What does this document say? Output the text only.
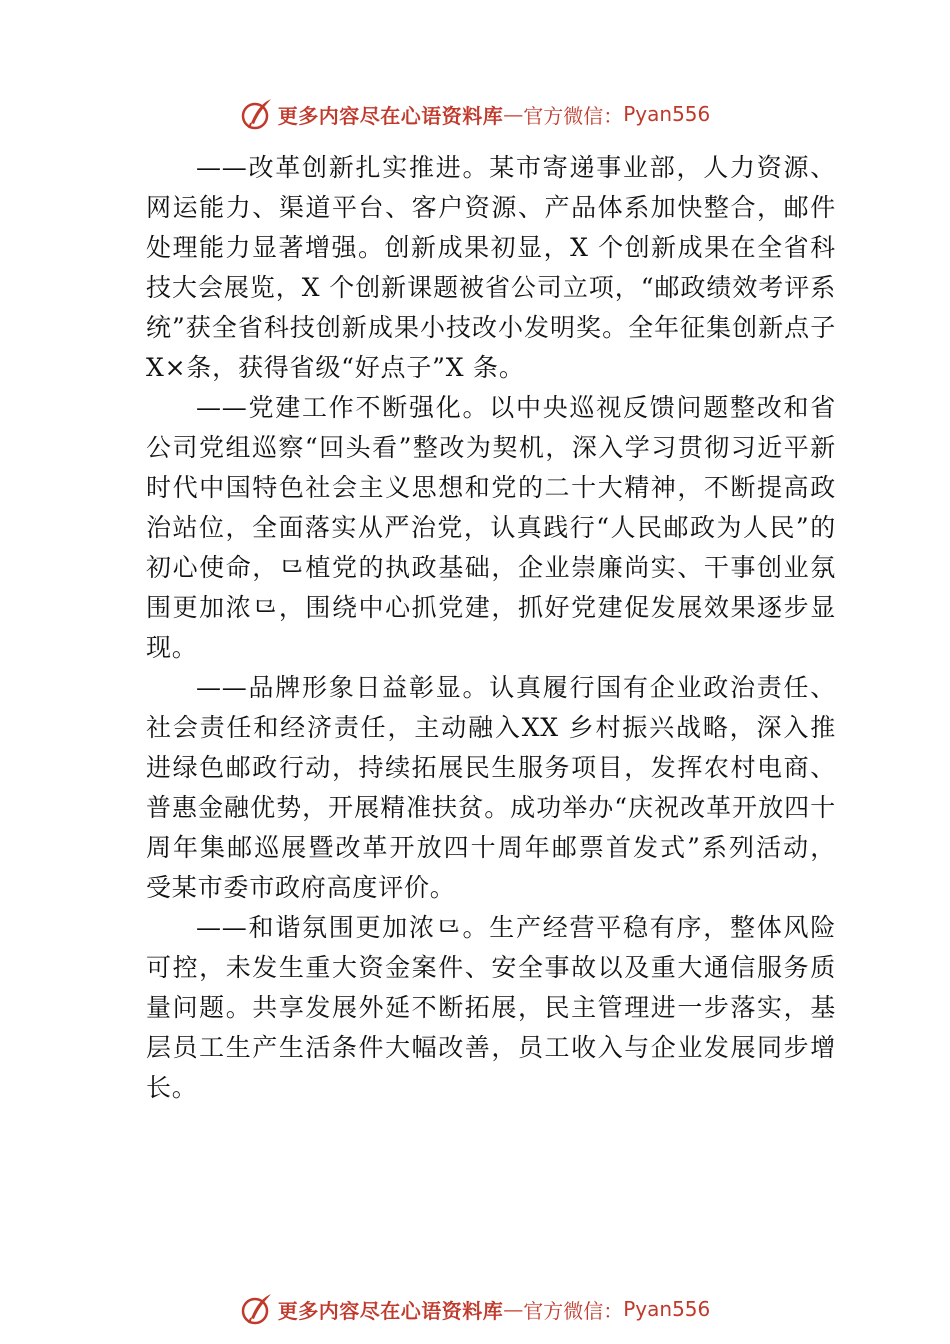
更多内容尽在心语资料库 — 官方微信： Pyan556

——改革创新扎实推进。某市寄递事业部，人力资源、网运能力、渠道平台、客户资源、产品体系加快整合，邮件处理能力显著增强。创新成果初显，X 个创新成果在全省科技大会展览，X 个创新课题被省公司立项，“邮政绩效考评系统”获全省科技创新成果小技改小发明奖。全年征集创新点子X×条，获得省级“好点子”X 条。

——党建工作不断强化。以中央巡视反馈问题整改和省公司党组巡察“回头看”整改为契机，深入学习贯彻习近平新时代中国特色社会主义思想和党的二十大精神，不断提高政治站位，全面落实从严治党，认真践行“人民邮政为人民”的初心使命，⺋植党的执政基础，企业崇廉尚实、干事创业氛围更加浓⺋，围绕中心抓党建，抓好党建促发展效果逐步显现。

——品牌形象日益彰显。认真履行国有企业政治责任、社会责任和经济责任，主动融入XX 乡村振兴战略，深入推进绿色邮政行动，持续拓展民生服务项目，发挥农村电商、普惠金融优势，开展精准扶贫。成功举办“庆祝改革开放四十周年集邮巡展暨改革开放四十周年邮票首发式”系列活动， 受某市委市政府高度评价。

——和谐氛围更加浓⺋。生产经营平稳有序，整体风险可控，未发生重大资金案件、安全事故以及重大通信服务质量问题。共享发展外延不断拓展，民主管理进一步落实，基层员工生产生活条件大幅改善，员工收入与企业发展同步增长。

更多内容尽在心语资料库 — 官方微信： Pyan556
